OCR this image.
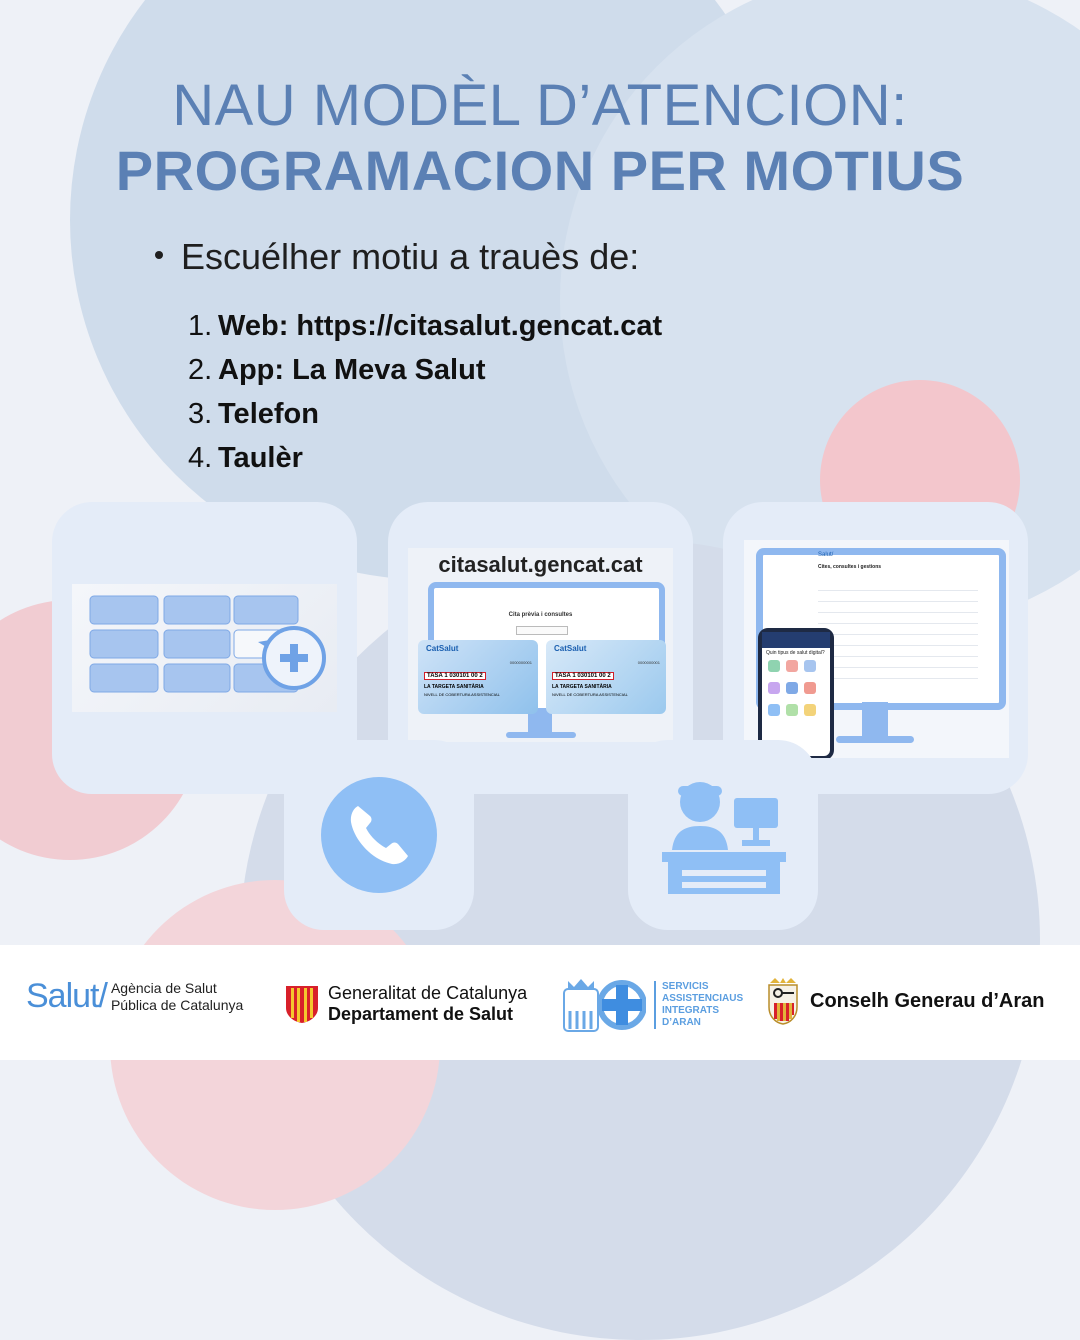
NAU MODÈL D’ATENCION:
PROGRAMACION PER MOTIUS
Escuélher motiu a trauès de:
1. Web: https://citasalut.gencat.cat
2. App: La Meva Salut
3. Telefon
4. Taulèr
citasalut.gencat.cat
Cita prèvia i consultes
CatSalut
0000000001
TASA 1 030101 00 2
LA TARGETA SANITÀRIA
NIVELL DE COBERTURA ASSISTENCIAL
CatSalut
0000000001
TASA 1 030101 00 2
LA TARGETA SANITÀRIA
NIVELL DE COBERTURA ASSISTENCIAL
Salut/
Cites, consultes i gestions
Quin tipus de salut digital?
Salut/ Agència de Salut
Pública de Catalunya
Generalitat de Catalunya
Departament de Salut
SERVICIS
ASSISTENCIAUS
INTEGRATS
D’ARAN
Conselh Generau d’Aran
